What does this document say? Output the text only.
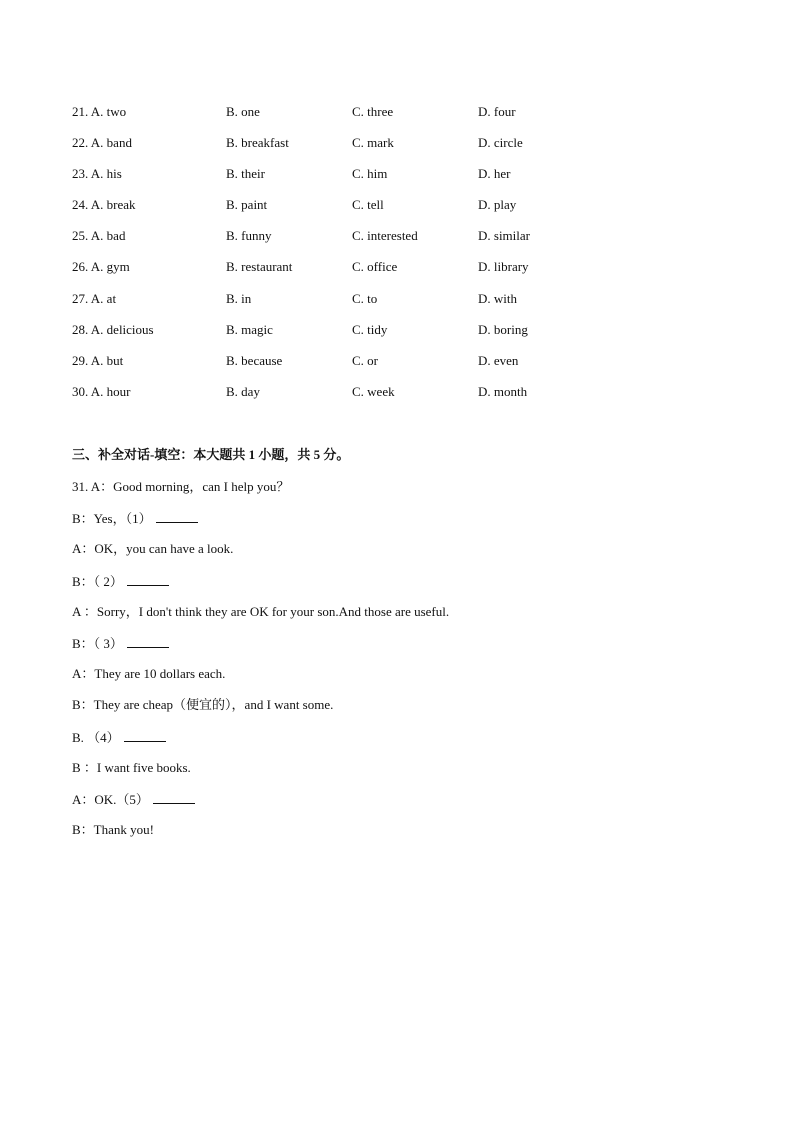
21. A. two	B. one	C. three	D. four
22. A. band	B. breakfast	C. mark	D. circle
23. A. his	B. their	C. him	D. her
24. A. break	B. paint	C. tell	D. play
25. A. bad	B. funny	C. interested	D. similar
26. A. gym	B. restaurant	C. office	D. library
27. A. at	B. in	C. to	D. with
28. A. delicious	B. magic	C. tidy	D. boring
29. A. but	B. because	C. or	D. even
30. A. hour	B. day	C. week	D. month
三、补全对话-填空：本大题共 1 小题，共 5 分。
31. A：Good morning，can I help you？
B：Yes，（1）
A：OK，you can have a look.
B：（ 2）
A ：Sorry，I don't think they are OK for your son.And those are useful.
B：（ 3）
A：They are 10 dollars each.
B：They are cheap（便宜的），and I want some.
B. （4）
B ：I want five books.
A：OK.（5）
B：Thank you!
